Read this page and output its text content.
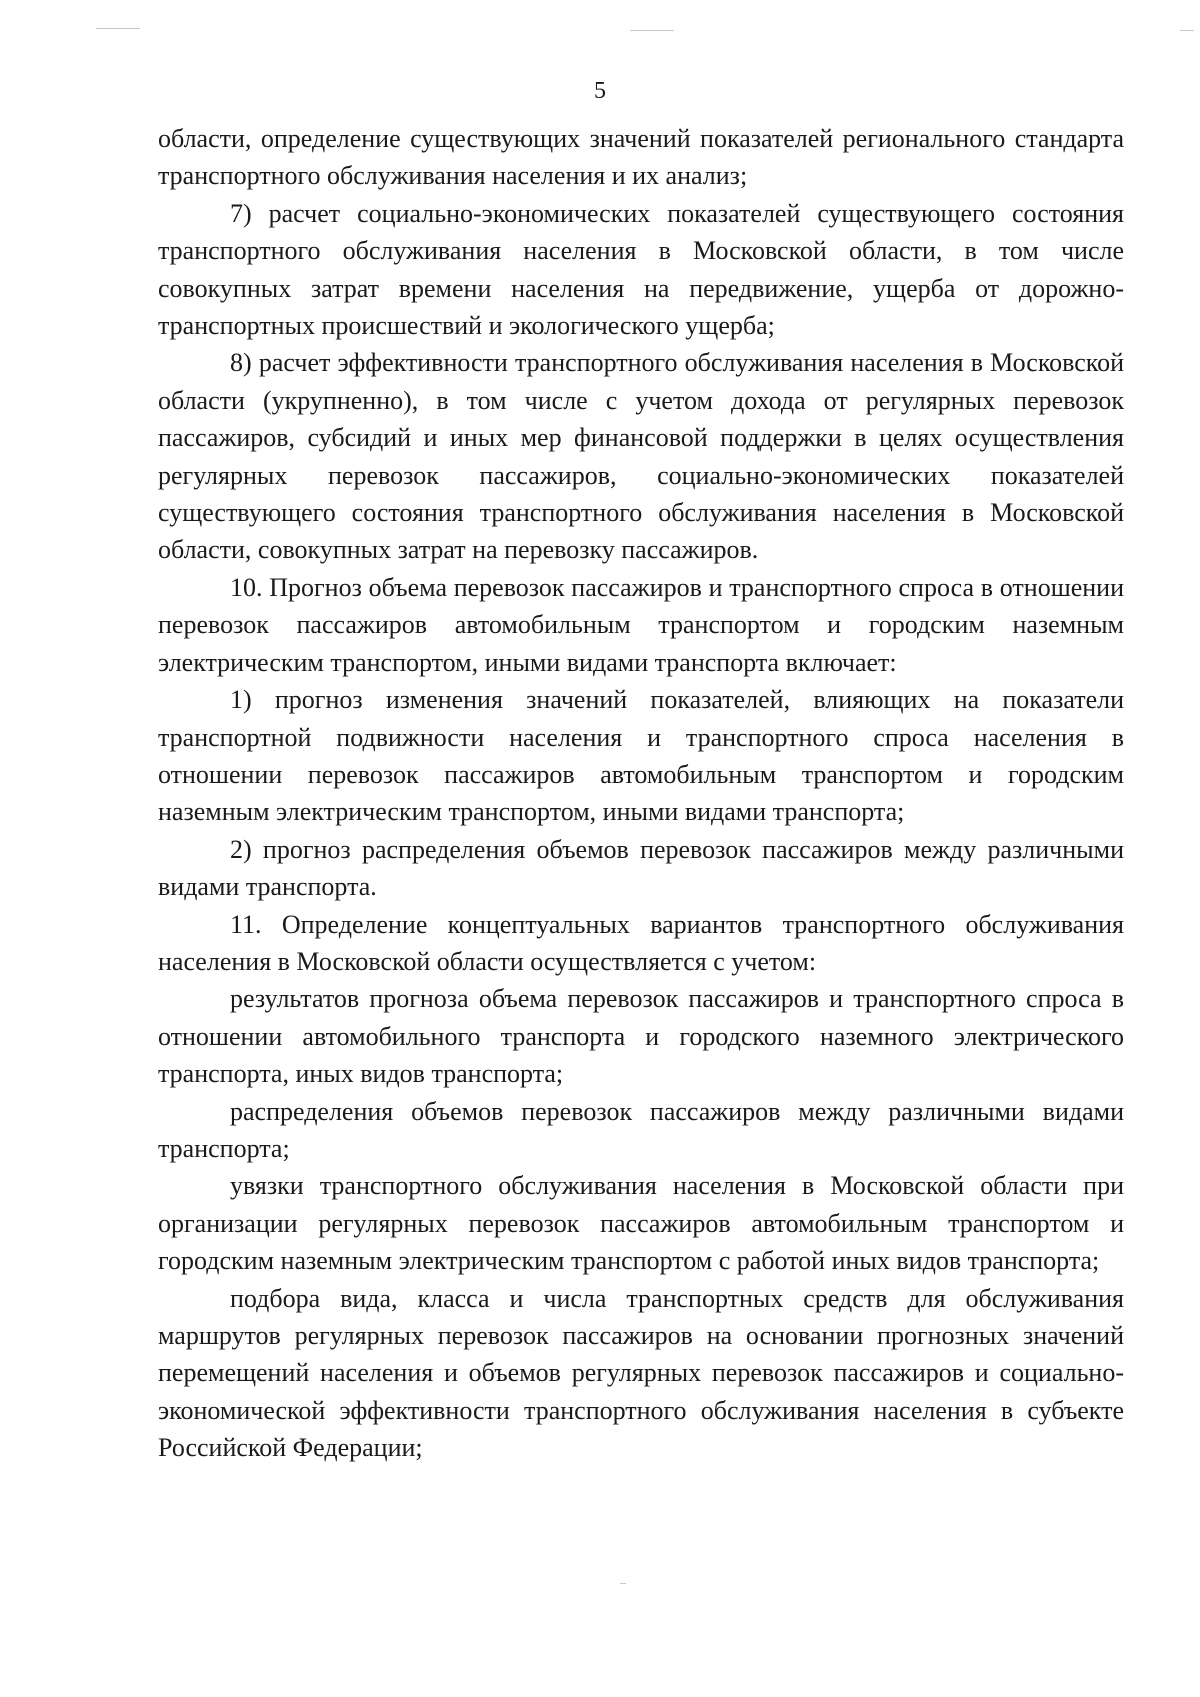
5

области, определение существующих значений показателей регионального стандарта транспортного обслуживания населения и их анализ;

7) расчет социально-экономических показателей существующего состояния транспортного обслуживания населения в Московской области, в том числе совокупных затрат времени населения на передвижение, ущерба от дорожно-транспортных происшествий и экологического ущерба;

8) расчет эффективности транспортного обслуживания населения в Московской области (укрупненно), в том числе с учетом дохода от регулярных перевозок пассажиров, субсидий и иных мер финансовой поддержки в целях осуществления регулярных перевозок пассажиров, социально-экономических показателей существующего состояния транспортного обслуживания населения в Московской области, совокупных затрат на перевозку пассажиров.

10. Прогноз объема перевозок пассажиров и транспортного спроса в отношении перевозок пассажиров автомобильным транспортом и городским наземным электрическим транспортом, иными видами транспорта включает:

1) прогноз изменения значений показателей, влияющих на показатели транспортной подвижности населения и транспортного спроса населения в отношении перевозок пассажиров автомобильным транспортом и городским наземным электрическим транспортом, иными видами транспорта;

2) прогноз распределения объемов перевозок пассажиров между различными видами транспорта.

11. Определение концептуальных вариантов транспортного обслуживания населения в Московской области осуществляется с учетом:

результатов прогноза объема перевозок пассажиров и транспортного спроса в отношении автомобильного транспорта и городского наземного электрического транспорта, иных видов транспорта;

распределения объемов перевозок пассажиров между различными видами транспорта;

увязки транспортного обслуживания населения в Московской области при организации регулярных перевозок пассажиров автомобильным транспортом и городским наземным электрическим транспортом с работой иных видов транспорта;

подбора вида, класса и числа транспортных средств для обслуживания маршрутов регулярных перевозок пассажиров на основании прогнозных значений перемещений населения и объемов регулярных перевозок пассажиров и социально-экономической эффективности транспортного обслуживания населения в субъекте Российской Федерации;
